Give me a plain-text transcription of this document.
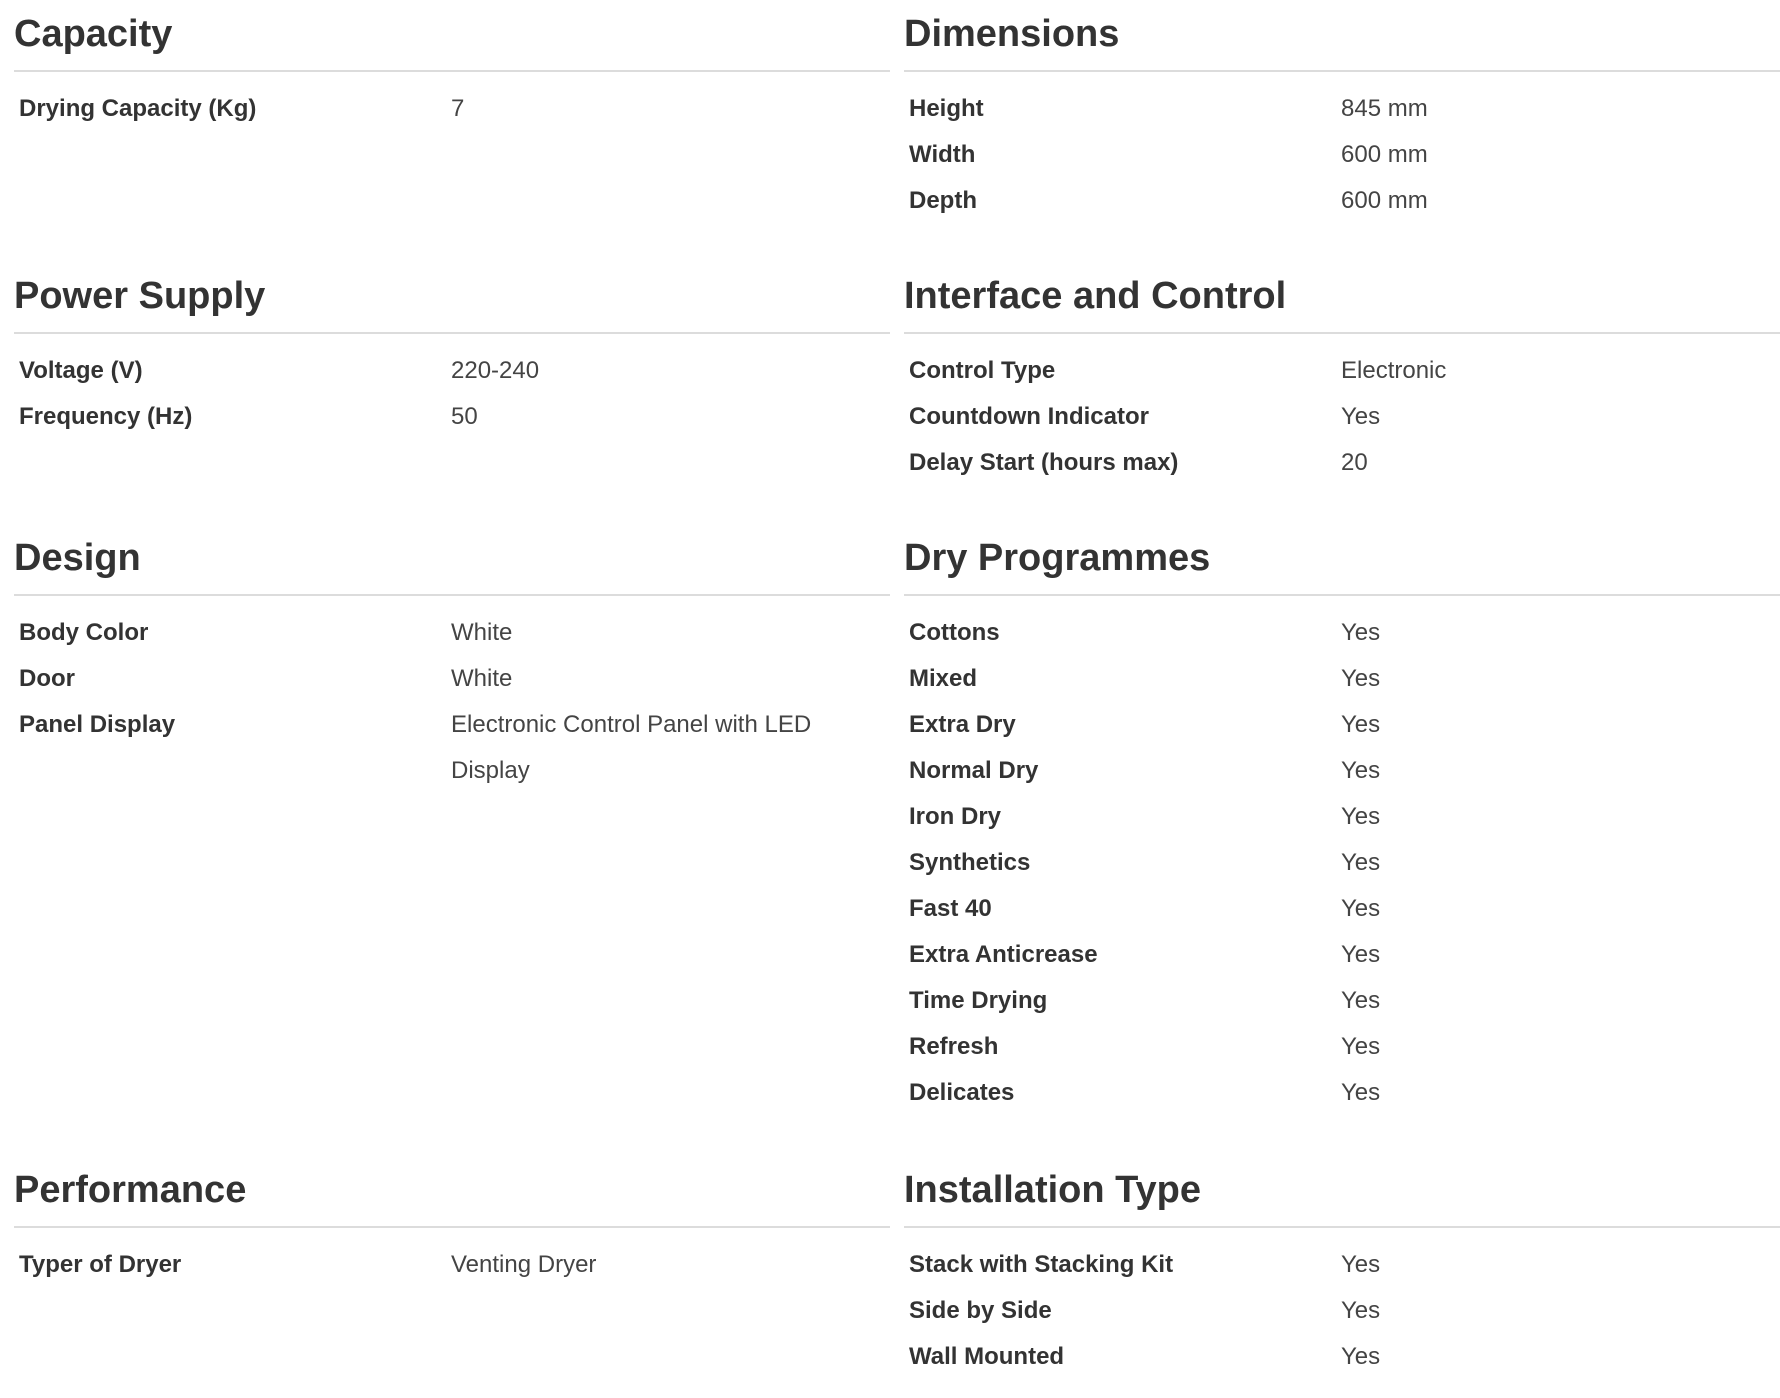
Capacity
Drying Capacity (Kg)	7
Dimensions
Height	845 mm
Width	600 mm
Depth	600 mm
Power Supply
Voltage (V)	220-240
Frequency (Hz)	50
Interface and Control
Control Type	Electronic
Countdown Indicator	Yes
Delay Start (hours max)	20
Design
Body Color	White
Door	White
Panel Display	Electronic Control Panel with LED Display
Dry Programmes
Cottons	Yes
Mixed	Yes
Extra Dry	Yes
Normal Dry	Yes
Iron Dry	Yes
Synthetics	Yes
Fast 40	Yes
Extra Anticrease	Yes
Time Drying	Yes
Refresh	Yes
Delicates	Yes
Performance
Typer of Dryer	Venting Dryer
Installation Type
Stack with Stacking Kit	Yes
Side by Side	Yes
Wall Mounted	Yes
